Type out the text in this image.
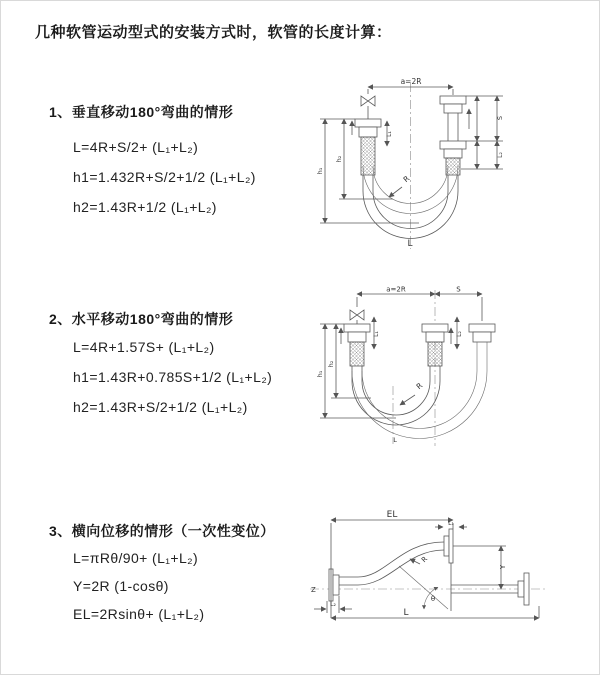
几种软管运动型式的安装方式时，软管的长度计算：
1、垂直移动180°弯曲的情形
L=4R+S/2+ (L₁+L₂)
h1=1.432R+S/2+1/2 (L₁+L₂)
h2=1.43R+1/2 (L₁+L₂)
2、水平移动180°弯曲的情形
L=4R+1.57S+ (L₁+L₂)
h1=1.43R+0.785S+1/2 (L₁+L₂)
h2=1.43R+S/2+1/2 (L₁+L₂)
3、横向位移的情形（一次性变位）
L=πRθ/90+ (L₁+L₂)
Y=2R (1-cosθ)
EL=2Rsinθ+ (L₁+L₂)
a=2R
L₁
S
L₂
h₁
h₂
R
L
a=2R	S
L₁	L₂
h₁
h₂
R
L
Z
EL
L₁
Y
θ
R
L
L₂
